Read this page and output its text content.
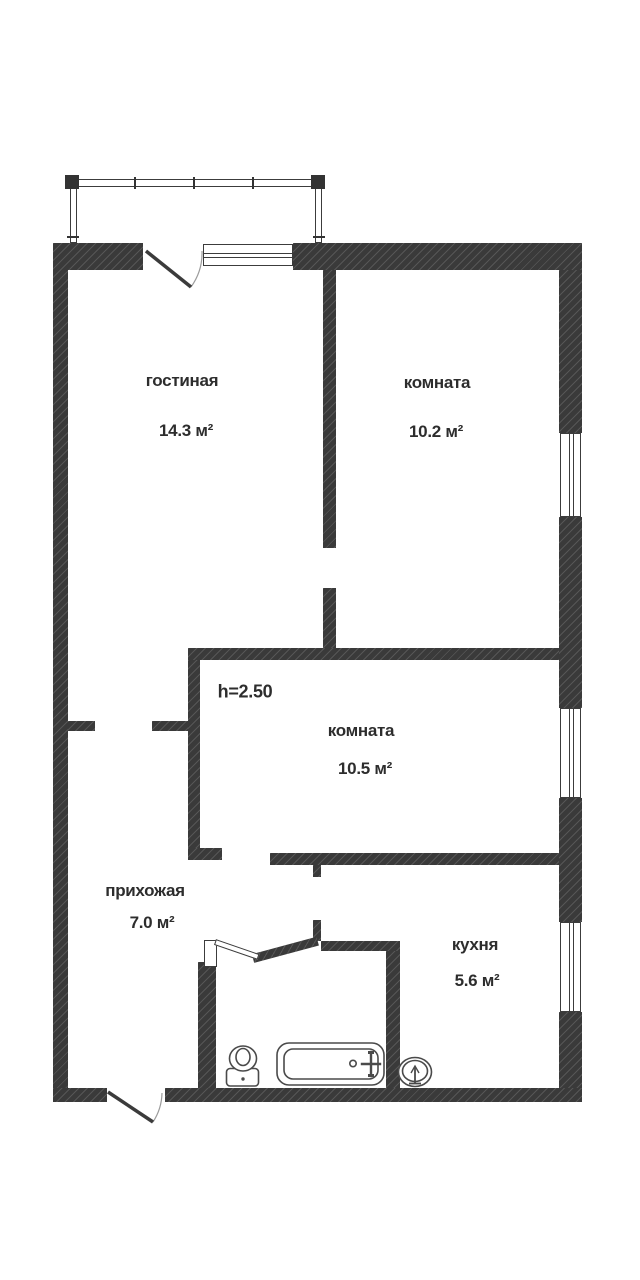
гостиная
14.3 м²
комната
10.2 м²
h=2.50
комната
10.5 м²
прихожая
7.0 м²
кухня
5.6 м²
